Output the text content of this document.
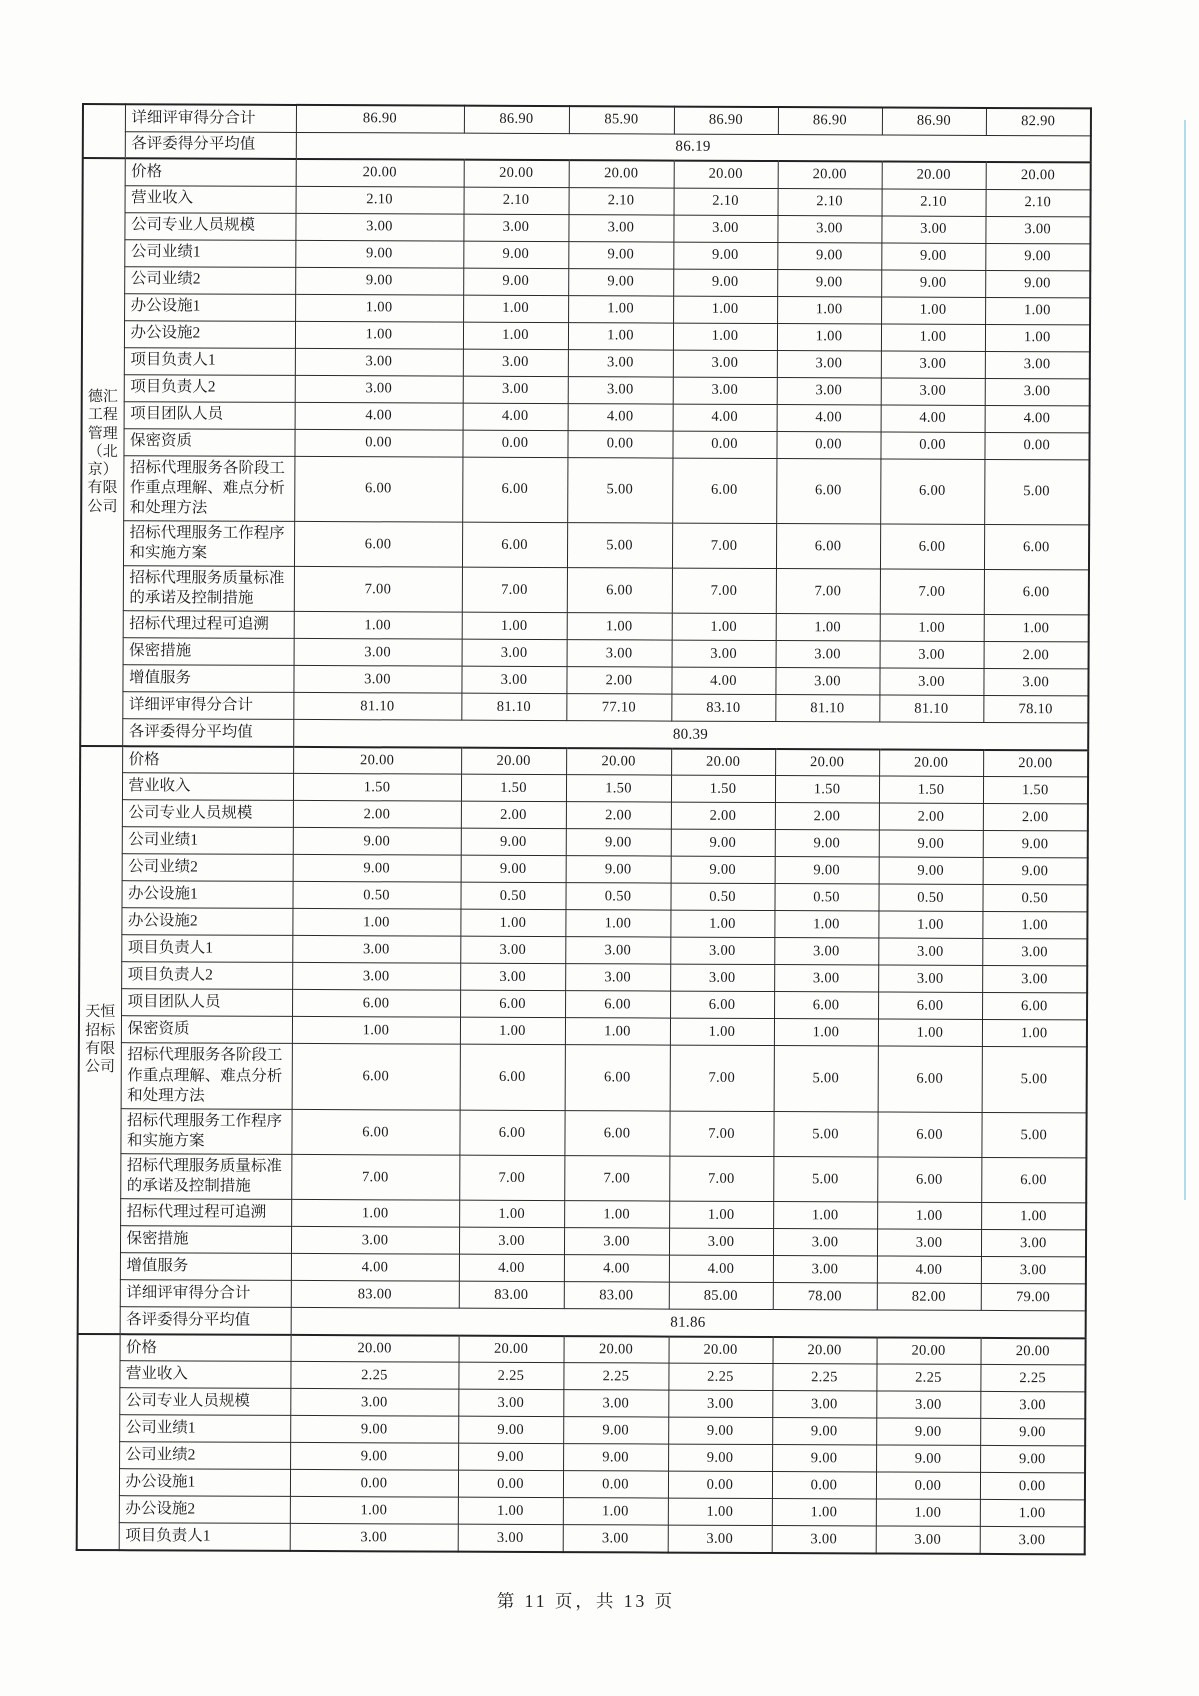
	详细评审得分合计	86.90	86.90	85.90	86.90	86.90	86.90	82.90
	各评委得分平均值	86.19						
德汇
工程
管理
（北
京）
有限
公司	价格	20.00	20.00	20.00	20.00	20.00	20.00	20.00
	营业收入	2.10	2.10	2.10	2.10	2.10	2.10	2.10
	公司专业人员规模	3.00	3.00	3.00	3.00	3.00	3.00	3.00
	公司业绩1	9.00	9.00	9.00	9.00	9.00	9.00	9.00
	公司业绩2	9.00	9.00	9.00	9.00	9.00	9.00	9.00
	办公设施1	1.00	1.00	1.00	1.00	1.00	1.00	1.00
	办公设施2	1.00	1.00	1.00	1.00	1.00	1.00	1.00
	项目负责人1	3.00	3.00	3.00	3.00	3.00	3.00	3.00
	项目负责人2	3.00	3.00	3.00	3.00	3.00	3.00	3.00
	项目团队人员	4.00	4.00	4.00	4.00	4.00	4.00	4.00
	保密资质	0.00	0.00	0.00	0.00	0.00	0.00	0.00
	招标代理服务各阶段工作重点理解、难点分析和处理方法	6.00	6.00	5.00	6.00	6.00	6.00	5.00
	招标代理服务工作程序和实施方案	6.00	6.00	5.00	7.00	6.00	6.00	6.00
	招标代理服务质量标准的承诺及控制措施	7.00	7.00	6.00	7.00	7.00	7.00	6.00
	招标代理过程可追溯	1.00	1.00	1.00	1.00	1.00	1.00	1.00
	保密措施	3.00	3.00	3.00	3.00	3.00	3.00	2.00
	增值服务	3.00	3.00	2.00	4.00	3.00	3.00	3.00
	详细评审得分合计	81.10	81.10	77.10	83.10	81.10	81.10	78.10
	各评委得分平均值	80.39						
天恒
招标
有限
公司	价格	20.00	20.00	20.00	20.00	20.00	20.00	20.00
	营业收入	1.50	1.50	1.50	1.50	1.50	1.50	1.50
	公司专业人员规模	2.00	2.00	2.00	2.00	2.00	2.00	2.00
	公司业绩1	9.00	9.00	9.00	9.00	9.00	9.00	9.00
	公司业绩2	9.00	9.00	9.00	9.00	9.00	9.00	9.00
	办公设施1	0.50	0.50	0.50	0.50	0.50	0.50	0.50
	办公设施2	1.00	1.00	1.00	1.00	1.00	1.00	1.00
	项目负责人1	3.00	3.00	3.00	3.00	3.00	3.00	3.00
	项目负责人2	3.00	3.00	3.00	3.00	3.00	3.00	3.00
	项目团队人员	6.00	6.00	6.00	6.00	6.00	6.00	6.00
	保密资质	1.00	1.00	1.00	1.00	1.00	1.00	1.00
	招标代理服务各阶段工作重点理解、难点分析和处理方法	6.00	6.00	6.00	7.00	5.00	6.00	5.00
	招标代理服务工作程序和实施方案	6.00	6.00	6.00	7.00	5.00	6.00	5.00
	招标代理服务质量标准的承诺及控制措施	7.00	7.00	7.00	7.00	5.00	6.00	6.00
	招标代理过程可追溯	1.00	1.00	1.00	1.00	1.00	1.00	1.00
	保密措施	3.00	3.00	3.00	3.00	3.00	3.00	3.00
	增值服务	4.00	4.00	4.00	4.00	3.00	4.00	3.00
	详细评审得分合计	83.00	83.00	83.00	85.00	78.00	82.00	79.00
	各评委得分平均值	81.86						
	价格	20.00	20.00	20.00	20.00	20.00	20.00	20.00
	营业收入	2.25	2.25	2.25	2.25	2.25	2.25	2.25
	公司专业人员规模	3.00	3.00	3.00	3.00	3.00	3.00	3.00
	公司业绩1	9.00	9.00	9.00	9.00	9.00	9.00	9.00
	公司业绩2	9.00	9.00	9.00	9.00	9.00	9.00	9.00
	办公设施1	0.00	0.00	0.00	0.00	0.00	0.00	0.00
	办公设施2	1.00	1.00	1.00	1.00	1.00	1.00	1.00
	项目负责人1	3.00	3.00	3.00	3.00	3.00	3.00	3.00
第 11 页，共 13 页
